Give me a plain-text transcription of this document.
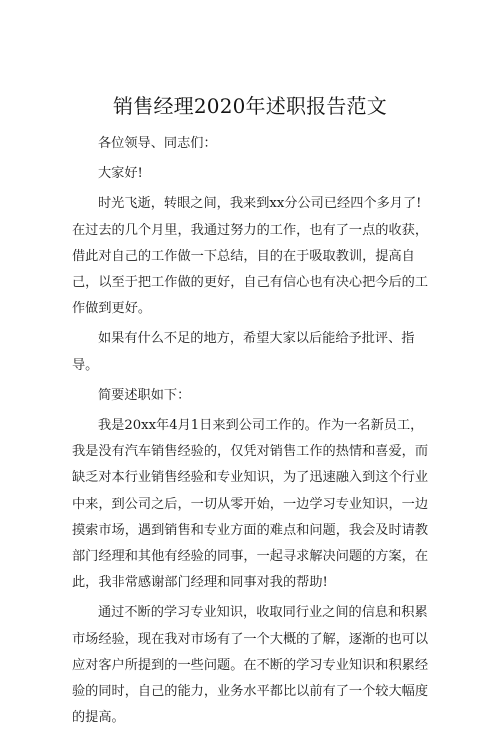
销售经理2020年述职报告范文

各位领导、同志们：

大家好!

时光飞逝，转眼之间，我来到xx分公司已经四个多月了!在过去的几个月里，我通过努力的工作，也有了一点的收获，借此对自己的工作做一下总结，目的在于吸取教训，提高自己，以至于把工作做的更好，自己有信心也有决心把今后的工作做到更好。

如果有什么不足的地方，希望大家以后能给予批评、指导。

简要述职如下：

我是20xx年4月1日来到公司工作的。作为一名新员工，我是没有汽车销售经验的，仅凭对销售工作的热情和喜爱，而缺乏对本行业销售经验和专业知识，为了迅速融入到这个行业中来，到公司之后，一切从零开始，一边学习专业知识，一边摸索市场，遇到销售和专业方面的难点和问题，我会及时请教部门经理和其他有经验的同事，一起寻求解决问题的方案，在此，我非常感谢部门经理和同事对我的帮助!

通过不断的学习专业知识，收取同行业之间的信息和积累市场经验，现在我对市场有了一个大概的了解，逐渐的也可以应对客户所提到的一些问题。在不断的学习专业知识和积累经验的同时，自己的能力，业务水平都比以前有了一个较大幅度的提高。
